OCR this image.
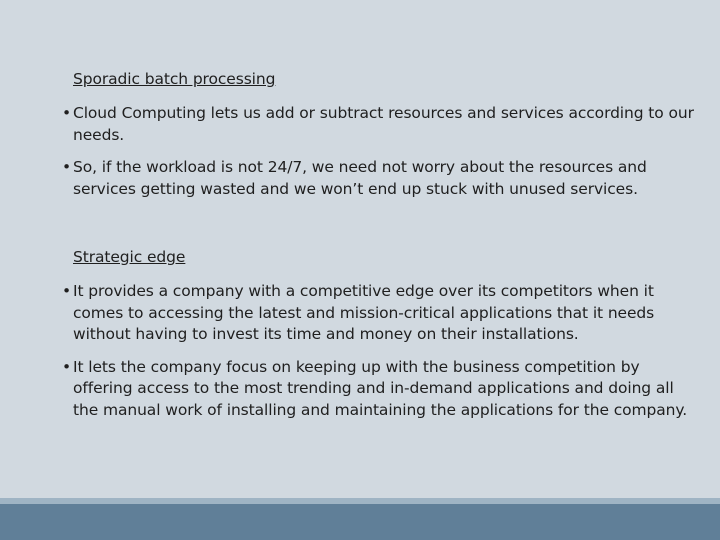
Sporadic batch processing
• Cloud Computing lets us add or subtract resources and services according to our needs.
• So, if the workload is not 24/7, we need not worry about the resources and services getting wasted and we won’t end up stuck with unused services.
Strategic edge
• It provides a company with a competitive edge over its competitors when it comes to accessing the latest and mission-critical applications that it needs without having to invest its time and money on their installations.
• It lets the company focus on keeping up with the business competition by offering access to the most trending and in-demand applications and doing all the manual work of installing and maintaining the applications for the company.
